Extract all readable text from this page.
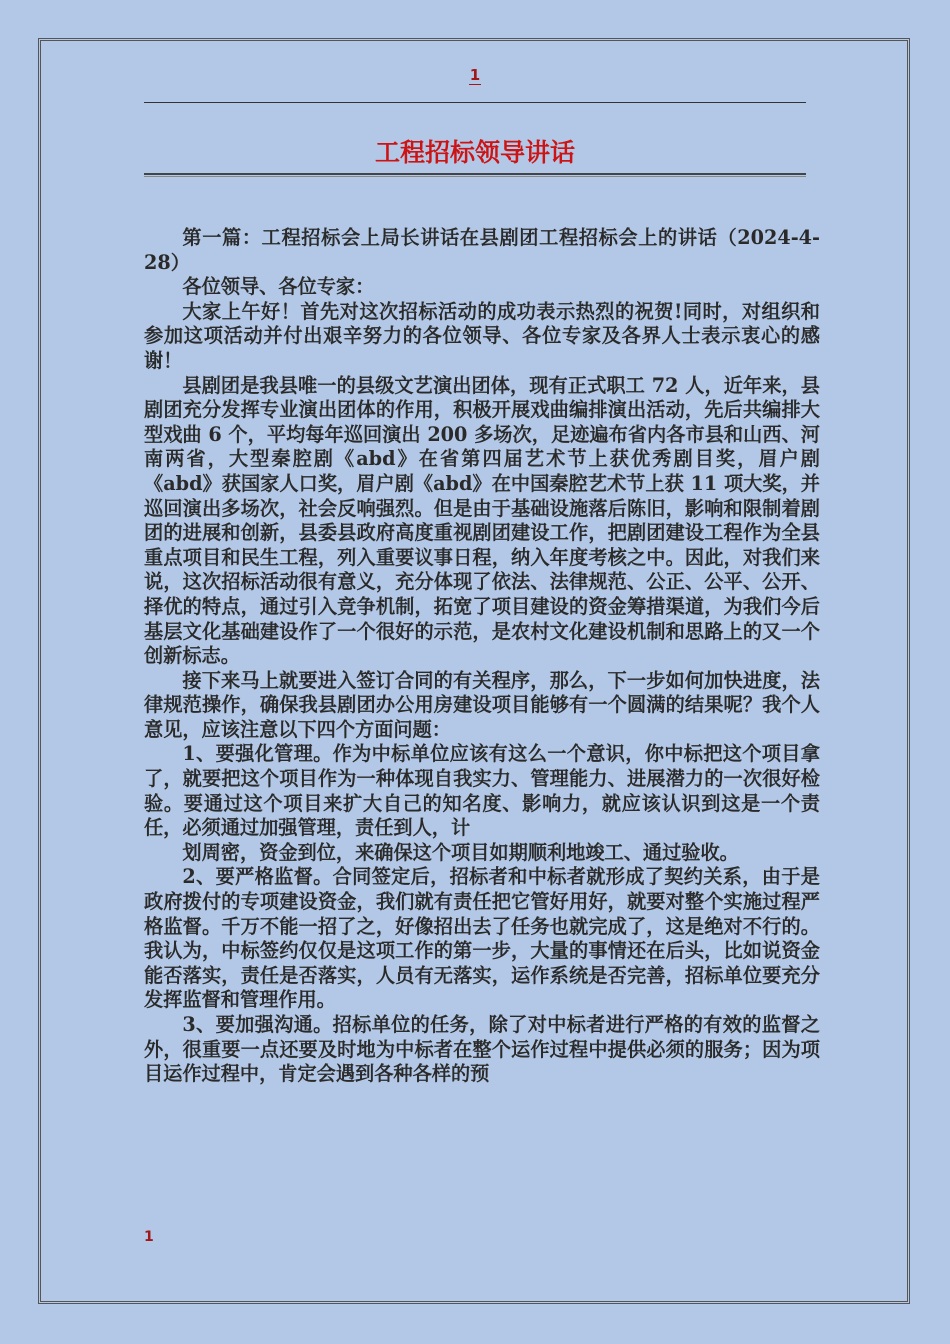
1
工程招标领导讲话

第一篇：工程招标会上局长讲话在县剧团工程招标会上的讲话（2024-4-28）

各位领导、各位专家：

大家上午好！首先对这次招标活动的成功表示热烈的祝贺!同时，对组织和参加这项活动并付出艰辛努力的各位领导、各位专家及各界人士表示衷心的感谢！

县剧团是我县唯一的县级文艺演出团体，现有正式职工 72 人，近年来，县剧团充分发挥专业演出团体的作用，积极开展戏曲编排演出活动，先后共编排大型戏曲 6 个，平均每年巡回演出 200 多场次，足迹遍布省内各市县和山西、河南两省，大型秦腔剧《abd》在省第四届艺术节上获优秀剧目奖，眉户剧《abd》获国家人口奖，眉户剧《abd》在中国秦腔艺术节上获 11 项大奖，并巡回演出多场次，社会反响强烈。但是由于基础设施落后陈旧，影响和限制着剧团的进展和创新，县委县政府高度重视剧团建设工作，把剧团建设工程作为全县重点项目和民生工程，列入重要议事日程，纳入年度考核之中。因此，对我们来说，这次招标活动很有意义，充分体现了依法、法律规范、公正、公平、公开、择优的特点，通过引入竞争机制，拓宽了项目建设的资金筹措渠道，为我们今后基层文化基础建设作了一个很好的示范，是农村文化建设机制和思路上的又一个创新标志。

接下来马上就要进入签订合同的有关程序，那么，下一步如何加快进度，法律规范操作，确保我县剧团办公用房建设项目能够有一个圆满的结果呢？我个人意见，应该注意以下四个方面问题：

1、要强化管理。作为中标单位应该有这么一个意识，你中标把这个项目拿了，就要把这个项目作为一种体现自我实力、管理能力、进展潜力的一次很好检验。要通过这个项目来扩大自己的知名度、影响力，就应该认识到这是一个责任，必须通过加强管理，责任到人，计

划周密，资金到位，来确保这个项目如期顺利地竣工、通过验收。

2、要严格监督。合同签定后，招标者和中标者就形成了契约关系，由于是政府拨付的专项建设资金，我们就有责任把它管好用好，就要对整个实施过程严格监督。千万不能一招了之，好像招出去了任务也就完成了，这是绝对不行的。我认为，中标签约仅仅是这项工作的第一步，大量的事情还在后头，比如说资金能否落实，责任是否落实，人员有无落实，运作系统是否完善，招标单位要充分发挥监督和管理作用。

3、要加强沟通。招标单位的任务，除了对中标者进行严格的有效的监督之外，很重要一点还要及时地为中标者在整个运作过程中提供必须的服务；因为项目运作过程中，肯定会遇到各种各样的预

1
